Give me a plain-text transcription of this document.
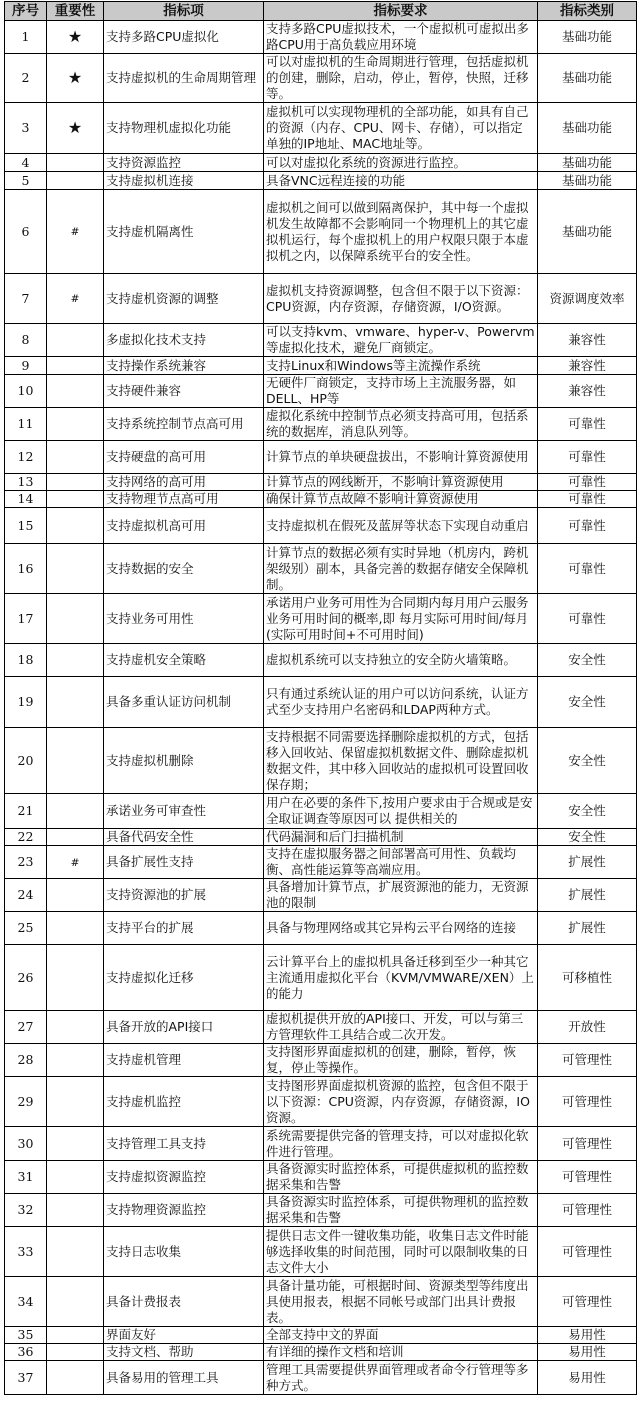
序号	重要性	指标项	指标要求	指标类别
1	★	支持多路CPU虚拟化	支持多路CPU虚拟技术，一个虚拟机可虚拟出多路CPU用于高负载应用环境	基础功能
2	★	支持虚拟机的生命周期管理	可以对虚拟机的生命周期进行管理，包括虚拟机的创建，删除，启动，停止，暂停，快照，迁移等。	基础功能
3	★	支持物理机虚拟化功能	虚拟机可以实现物理机的全部功能，如具有自己的资源（内存、CPU、网卡、存储），可以指定单独的IP地址、MAC地址等。	基础功能
4		支持资源监控	可以对虚拟化系统的资源进行监控。	基础功能
5		支持虚拟机连接	具备VNC远程连接的功能	基础功能
6	#	支持虚机隔离性	虚拟机之间可以做到隔离保护，其中每一个虚拟机发生故障都不会影响同一个物理机上的其它虚拟机运行，每个虚拟机上的用户权限只限于本虚拟机之内，以保障系统平台的安全性。	基础功能
7	#	支持虚机资源的调整	虚拟机支持资源调整，包含但不限于以下资源：CPU资源，内存资源，存储资源，I/O资源。	资源调度效率
8		多虚拟化技术支持	可以支持kvm、vmware、hyper-v、Powervm等虚拟化技术，避免厂商锁定。	兼容性
9		支持操作系统兼容	支持Linux和Windows等主流操作系统	兼容性
10		支持硬件兼容	无硬件厂商锁定，支持市场上主流服务器，如DELL、HP等	兼容性
11		支持系统控制节点高可用	虚拟化系统中控制节点必须支持高可用，包括系统的数据库，消息队列等。	可靠性
12		支持硬盘的高可用	计算节点的单块硬盘拔出，不影响计算资源使用	可靠性
13		支持网络的高可用	计算节点的网线断开，不影响计算资源使用	可靠性
14		支持物理节点高可用	确保计算节点故障不影响计算资源使用	可靠性
15		支持虚拟机高可用	支持虚拟机在假死及蓝屏等状态下实现自动重启	可靠性
16		支持数据的安全	计算节点的数据必须有实时异地（机房内，跨机架级别）副本，具备完善的数据存储安全保障机制。	可靠性
17		支持业务可用性	承诺用户业务可用性为合同期内每月用户云服务业务可用时间的概率,即 每月实际可用时间/每月(实际可用时间+不可用时间)	可靠性
18		支持虚机安全策略	虚拟机系统可以支持独立的安全防火墙策略。	安全性
19		具备多重认证访问机制	只有通过系统认证的用户可以访问系统，认证方式至少支持用户名密码和LDAP两种方式。	安全性
20		支持虚拟机删除	支持根据不同需要选择删除虚拟机的方式，包括移入回收站、保留虚拟机数据文件、删除虚拟机数据文件，其中移入回收站的虚拟机可设置回收保存期；	安全性
21		承诺业务可审查性	用户在必要的条件下,按用户要求由于合规或是安全取证调查等原因可以 提供相关的	安全性
22		具备代码安全性	代码漏洞和后门扫描机制	安全性
23	#	具备扩展性支持	支持在虚拟服务器之间部署高可用性、负载均衡、高性能运算等高端应用。	扩展性
24		支持资源池的扩展	具备增加计算节点，扩展资源池的能力，无资源池的限制	扩展性
25		支持平台的扩展	具备与物理网络或其它异构云平台网络的连接	扩展性
26		支持虚拟化迁移	云计算平台上的虚拟机具备迁移到至少一种其它主流通用虚拟化平台（KVM/VMWARE/XEN）上的能力	可移植性
27		具备开放的API接口	虚拟机提供开放的API接口、开发，可以与第三方管理软件工具结合或二次开发。	开放性
28		支持虚机管理	支持图形界面虚拟机的创建，删除，暂停，恢复，停止等操作。	可管理性
29		支持虚机监控	支持图形界面虚拟机资源的监控，包含但不限于以下资源：CPU资源，内存资源，存储资源，IO资源。	可管理性
30		支持管理工具支持	系统需要提供完备的管理支持，可以对虚拟化软件进行管理。	可管理性
31		支持虚拟资源监控	具备资源实时监控体系，可提供虚拟机的监控数据采集和告警	可管理性
32		支持物理资源监控	具备资源实时监控体系，可提供物理机的监控数据采集和告警	可管理性
33		支持日志收集	提供日志文件一键收集功能，收集日志文件时能够选择收集的时间范围，同时可以限制收集的日志文件大小	可管理性
34		具备计费报表	具备计量功能，可根据时间、资源类型等纬度出具使用报表，根据不同帐号或部门出具计费报表。	可管理性
35		界面友好	全部支持中文的界面	易用性
36		支持文档、帮助	有详细的操作文档和培训	易用性
37		具备易用的管理工具	管理工具需要提供界面管理或者命令行管理等多种方式。	易用性
